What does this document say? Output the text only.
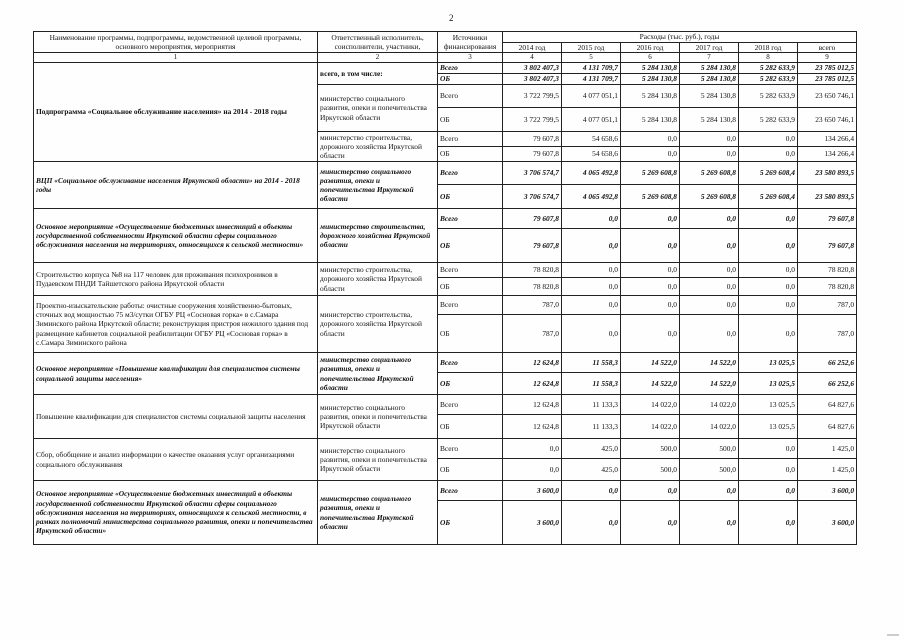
2
Наименование программы, подпрограммы, ведомственной целевой программы, основного мероприятия, мероприятия	Ответственный исполнитель, соисполнители, участники,	Источники финансирования	Расходы (тыс. руб.), годы					
			2014 год	2015 год	2016 год	2017 год	2018 год	всего
1	2	3	4	5	6	7	8	9
Подпрограмма «Социальное обслуживание населения» на 2014 - 2018 годы	всего, в том числе:	Всего	3 802 407,3	4 131 709,7	5 284 130,8	5 284 130,8	5 282 633,9	23 785 012,5
		ОБ	3 802 407,3	4 131 709,7	5 284 130,8	5 284 130,8	5 282 633,9	23 785 012,5
	министерство социального развития, опеки и попечительства Иркутской области	Всего	3 722 799,5	4 077 051,1	5 284 130,8	5 284 130,8	5 282 633,9	23 650 746,1
		ОБ	3 722 799,5	4 077 051,1	5 284 130,8	5 284 130,8	5 282 633,9	23 650 746,1
	министерство строительства, дорожного хозяйства Иркутской области	Всего	79 607,8	54 658,6	0,0	0,0	0,0	134 266,4
		ОБ	79 607,8	54 658,6	0,0	0,0	0,0	134 266,4
ВЦП «Социальное обслуживание населения Иркутской области» на 2014 - 2018 годы	министерство социального развития, опеки и попечительства Иркутской области	Всего	3 706 574,7	4 065 492,8	5 269 608,8	5 269 608,8	5 269 608,4	23 580 893,5
		ОБ	3 706 574,7	4 065 492,8	5 269 608,8	5 269 608,8	5 269 608,4	23 580 893,5
Основное мероприятие «Осуществление бюджетных инвестиций в объекты государственной собственности Иркутской области сферы социального обслуживания населения на территориях, относящихся к сельской местности»	министерство строительства, дорожного хозяйства Иркутской области	Всего	79 607,8	0,0	0,0	0,0	0,0	79 607,8
		ОБ	79 607,8	0,0	0,0	0,0	0,0	79 607,8
Строительство корпуса №8 на 117 человек для проживания психохроников в Пудаевском ПНДИ Тайшетского района Иркутской области	министерство строительства, дорожного хозяйства Иркутской области	Всего	78 820,8	0,0	0,0	0,0	0,0	78 820,8
		ОБ	78 820,8	0,0	0,0	0,0	0,0	78 820,8
Проектно-изыскательские работы: очистные сооружения хозяйственно-бытовых, сточных вод мощностью 75 м3/сутки ОГБУ РЦ «Сосновая горка» в с.Самара Зиминского района Иркутской области; реконструкция пристроя нежилого здания под размещение кабинетов социальной реабилитации ОГБУ РЦ «Сосновая горка» в с.Самара Зиминского района	министерство строительства, дорожного хозяйства Иркутской области	Всего	787,0	0,0	0,0	0,0	0,0	787,0
		ОБ	787,0	0,0	0,0	0,0	0,0	787,0
Основное мероприятие «Повышение квалификации для специалистов системы социальной защиты населения»	министерство социального развития, опеки и попечительства Иркутской области	Всего	12 624,8	11 558,3	14 522,0	14 522,0	13 025,5	66 252,6
		ОБ	12 624,8	11 558,3	14 522,0	14 522,0	13 025,5	66 252,6
Повышение квалификации для специалистов системы социальной защиты населения	министерство социального развития, опеки и попечительства Иркутской области	Всего	12 624,8	11 133,3	14 022,0	14 022,0	13 025,5	64 827,6
		ОБ	12 624,8	11 133,3	14 022,0	14 022,0	13 025,5	64 827,6
Сбор, обобщение и анализ информации о качестве оказания услуг организациями социального обслуживания	министерство социального развития, опеки и попечительства Иркутской области	Всего	0,0	425,0	500,0	500,0	0,0	1 425,0
		ОБ	0,0	425,0	500,0	500,0	0,0	1 425,0
Основное мероприятие «Осуществление бюджетных инвестиций в объекты государственной собственности Иркутской области сферы социального обслуживания населения на территориях, относящихся к сельской местности, в рамках полномочий министерства социального развития, опеки и попечительства Иркутской области»	министерство социального развития, опеки и попечительства Иркутской области	Всего	3 600,0	0,0	0,0	0,0	0,0	3 600,0
		ОБ	3 600,0	0,0	0,0	0,0	0,0	3 600,0
